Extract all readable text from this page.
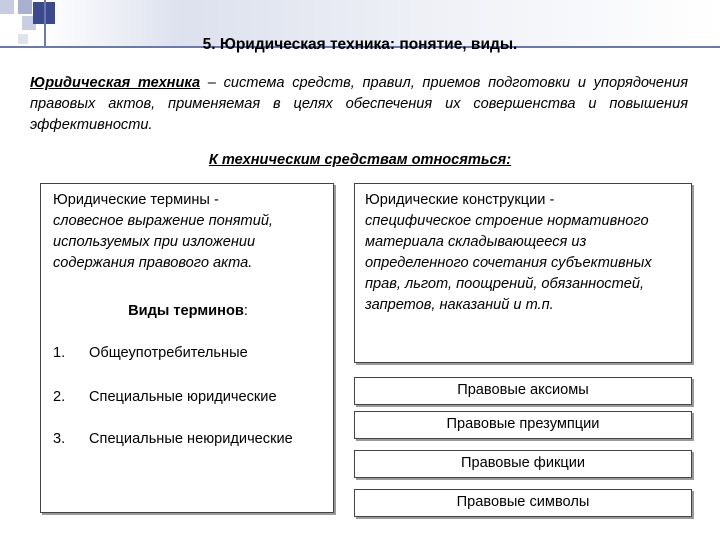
5. Юридическая техника: понятие, виды.
Юридическая техника – система средств, правил, приемов подготовки и упорядочения правовых актов, применяемая в целях обеспечения их совершенства и повышения эффективности.
К техническим средствам относяться:
Юридические термины -
словесное выражение понятий, используемых при изложении содержания правового акта.
Виды терминов:
1. Общеупотребительные
2. Специальные юридические
3. Специальные неюридические
Юридические конструкции -
специфическое строение нормативного материала складывающееся из определенного сочетания субъективных прав, льгот, поощрений, обязанностей, запретов, наказаний и т.п.
Правовые аксиомы
Правовые презумпции
Правовые фикции
Правовые символы
